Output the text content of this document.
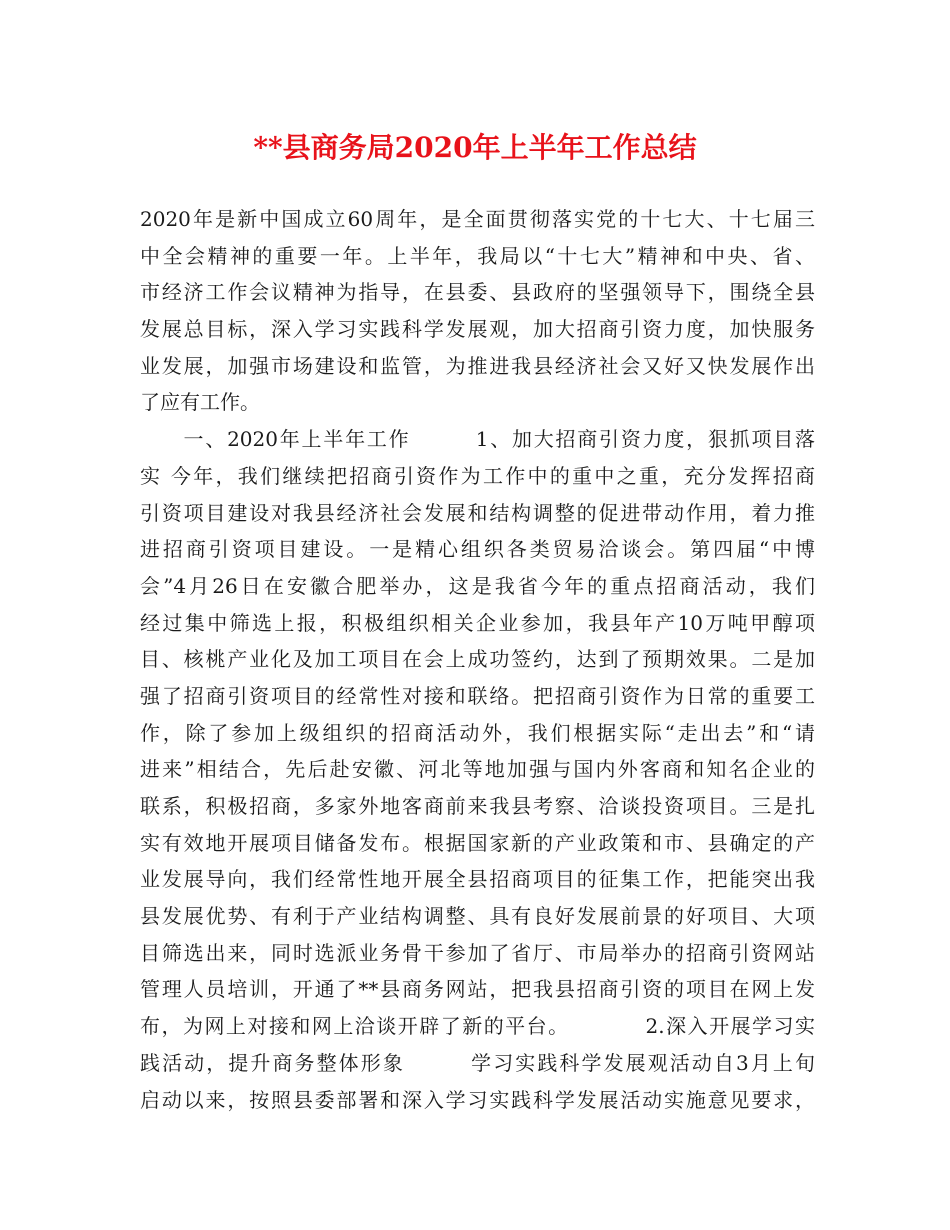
**县商务局2020年上半年工作总结
2020年是新中国成立60周年，是全面贯彻落实党的十七大、十七届三
中全会精神的重要一年。上半年，我局以“十七大”精神和中央、省、
市经济工作会议精神为指导，在县委、县政府的坚强领导下，围绕全县
发展总目标，深入学习实践科学发展观，加大招商引资力度，加快服务
业发展，加强市场建设和监管，为推进我县经济社会又好又快发展作出
了应有工作。
　　一、2020年上半年工作　　　1、加大招商引资力度，狠抓项目落
实 今年，我们继续把招商引资作为工作中的重中之重，充分发挥招商
引资项目建设对我县经济社会发展和结构调整的促进带动作用，着力推
进招商引资项目建设。一是精心组织各类贸易洽谈会。第四届“中博
会”4月26日在安徽合肥举办，这是我省今年的重点招商活动，我们
经过集中筛选上报，积极组织相关企业参加，我县年产10万吨甲醇项
目、核桃产业化及加工项目在会上成功签约，达到了预期效果。二是加
强了招商引资项目的经常性对接和联络。把招商引资作为日常的重要工
作，除了参加上级组织的招商活动外，我们根据实际“走出去”和“请
进来”相结合，先后赴安徽、河北等地加强与国内外客商和知名企业的
联系，积极招商，多家外地客商前来我县考察、洽谈投资项目。三是扎
实有效地开展项目储备发布。根据国家新的产业政策和市、县确定的产
业发展导向，我们经常性地开展全县招商项目的征集工作，把能突出我
县发展优势、有利于产业结构调整、具有良好发展前景的好项目、大项
目筛选出来，同时选派业务骨干参加了省厅、市局举办的招商引资网站
管理人员培训，开通了**县商务网站，把我县招商引资的项目在网上发
布，为网上对接和网上洽谈开辟了新的平台。　　　　2.深入开展学习实
践活动，提升商务整体形象　　　学习实践科学发展观活动自3月上旬
启动以来，按照县委部署和深入学习实践科学发展活动实施意见要求，
